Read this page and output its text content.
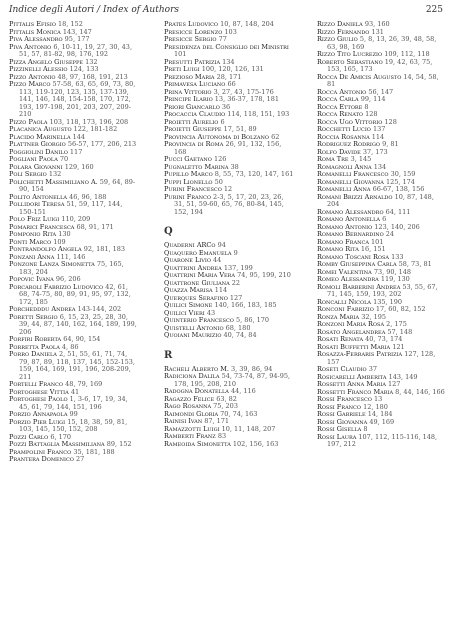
Indice degli Autori / Index of Authors	225
Pittalis Efisio 18, 152
Pittalis Monica 143, 147
Piva Alessandro 95, 177
Piva Antonio 6, 10-11, 19, 27, 30, 43, 51, 57, 81-82, 98, 176, 192
Pizza Angelo Giuseppe 132
Pizzinelli Alessio 124, 133
Pizzo Antonio 48, 97, 168, 191, 213
Pizzo Marco 57-58, 63, 65, 69, 73, 80, 113, 119-120, 123, 135, 137-139, 141, 146, 148, 154-158, 170, 172, 193, 197-198, 201, 203, 207, 209-210
Pizzo Paola 103, 118, 173, 196, 208
Placanica Augusto 122, 181-182
Placido Marinella 144
Plattner Giorgio 56-57, 177, 206, 213
Poggiolini Danilo 117
Pogliani Paola 70
Polara Giovanni 129, 160
Poli Sergio 132
Polichetti Massimiliano A. 59, 64, 89-90, 154
Polito Antonella 46, 96, 188
Pollidori Teresa 51, 59, 117, 144, 150-151
Polo Friz Luigi 110, 209
Pomarici Francesca 68, 91, 171
Pomponio Rita 130
Ponti Marco 109
Pontrandolfo Angela 92, 181, 183
Ponzani Anna 111, 146
Ponzone Lanza Simonetta 75, 165, 183, 204
Popovic Ivana 96, 206
Porcaroli Fabrizio Ludovico 42, 61, 68, 74-75, 80, 89, 91, 95, 97, 132, 172, 185
Porchedddu Andrea 143-144, 202
Poretti Sergio 6, 15, 23, 25, 28, 30, 39, 44, 87, 140, 162, 164, 189, 199, 206
Porfiri Roberta 64, 90, 154
Porretta Paola 4, 86
Porro Daniela 2, 51, 55, 61, 71, 74, 79, 87, 89, 118, 137, 145, 152-153, 159, 164, 169, 191, 196, 208-209, 211
Portelli Franco 48, 79, 169
Portoghese Vittia 41
Portoghesi Paolo 1, 3-6, 17, 19, 34, 45, 61, 79, 144, 151, 196
Porzio Annapaola 99
Porzio Pier Luigi 15, 18, 38, 59, 81, 103, 145, 150, 152, 208
Pozzi Carlo 6, 170
Pozzi Battaglia Massimiliana 89, 152
Prampolini Franco 35, 181, 188
Prantera Domenico 27
Prates Ludovico 10, 87, 148, 204
Presicce Lorenzo 103
Presicce Sergio 77
Presidenza del Consiglio dei Ministri 101
Presutti Patrizia 134
Preti Luigi 100, 120, 126, 131
Prezioso Maria 28, 171
Primavesa Luciano 66
Prina Vittorio 3, 27, 43, 175-176
Principe Ilario 13, 36-37, 178, 181
Priori Giancarlo 36
Procaccia Claudio 114, 118, 151, 193
Proietti Aurelio 6
Proietti Giuseppe 17, 51, 89
Provincia Autonoma di Bolzano 62
Provincia di Roma 26, 91, 132, 156, 168
Pucci Gaetano 126
Pugnaletto Marina 38
Pupillo Marco 8, 55, 73, 120, 147, 161
Puppi Lionello 50
Purini Francesco 12
Purini Franco 2-3, 5, 17, 20, 23, 26, 31, 51, 59-60, 65, 76, 80-84, 145, 152, 194
Q
Quaderni ARCo 94
Quaquero Emanuela 9
Quarone Livio 44
Quattrini Andrea 137, 199
Quattrini Maria Vera 74, 95, 199, 210
Quattrone Giuliana 22
Quazza Marisa 114
Querques Serafino 127
Quilici Simone 140, 166, 183, 185
Quilici Vieri 43
Quinterio Francesco 5, 86, 170
Quistelli Antonio 68, 180
Quoiani Maurizio 40, 74, 84
R
Racheli Alberto M. 3, 39, 86, 94
Radiciona Dalila 54, 73-74, 87, 94-95, 178, 195, 208, 210
Radogna Donatella 44, 116
Ragazzo Felice 63, 82
Rago Rosanna 75, 203
Raimondi Gloria 70, 74, 163
Rainisi Ivan 87, 171
Ramazzotti Luigi 10, 11, 148, 207
Ramberti Franz 83
Rameoida Simonetta 102, 156, 163
Rizzo Daniela 93, 160
Rizzo Fernando 131
Rizzo Giulio 5, 8, 13, 26, 39, 48, 58, 63, 98, 169
Rizzo Tito Lucrezio 109, 112, 118
Roberto Sebastiano 19, 42, 63, 75, 153, 165, 173
Rocca De Amicis Augusto 14, 54, 58, 81
Rocca Antonio 56, 147
Rocca Carla 99, 114
Rocca Ettore 8
Rocca Renato 128
Rocca Ugo Vittorio 128
Rocchetti Lucio 137
Roccia Rosanna 114
Rodriguez Rodrigo 9, 81
Rolfo Davide 37, 173
Roma Tre 3, 145
Romagnoli Anna 134
Romanelli Francesco 30, 159
Romanelli Giovanna 125, 174
Romanelli Anna 66-67, 138, 156
Romani Brizzi Arnaldo 10, 87, 148, 204
Romano Alessandro 64, 111
Romano Antonella 6
Romano Antonio 123, 140, 206
Romano Bernardino 24
Romano Franca 101
Romano Rita 16, 151
Romano Toscani Rosa 133
Romby Giuseppina Carla 58, 73, 81
Romei Valentina 73, 90, 148
Romeo Alessandra 119, 130
Romoli Barberini Andrea 53, 55, 67, 71, 145, 159, 193, 202
Roncalli Nicola 135, 190
Ronconi Fabrizio 17, 60, 82, 152
Ronza Maria 32, 195
Ronzoni Maria Rosa 2, 175
Rosato Angelandrea 57, 148
Rosati Renata 40, 73, 174
Rosati Buffetti Maria 121
Rosazza-Ferraris Patrizia 127, 128, 157
Roseti Claudio 37
Rosicarelli Amberita 143, 149
Rossetti Anna Maria 127
Rossetti Franco Maria 8, 44, 146, 166
Rossi Francesco 13
Rossi Franco 12, 180
Rossi Gabriele 14, 184
Rossi Giovanna 49, 169
Rossi Gisella 8
Rossi Laura 107, 112, 115-116, 148, 197, 212
